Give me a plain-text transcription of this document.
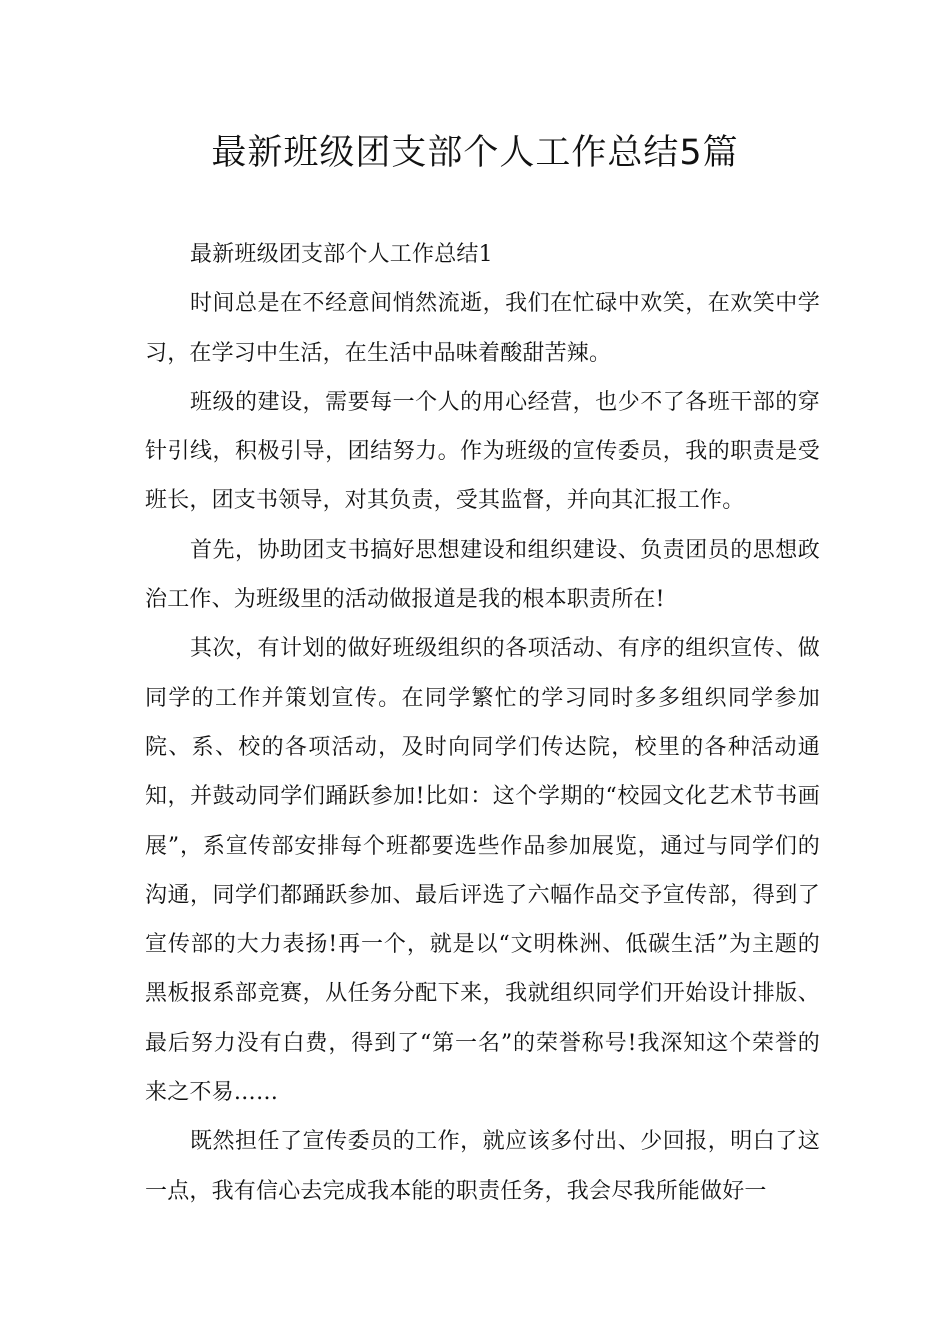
最新班级团支部个人工作总结5篇

最新班级团支部个人工作总结1

时间总是在不经意间悄然流逝，我们在忙碌中欢笑，在欢笑中学习，在学习中生活，在生活中品味着酸甜苦辣。

班级的建设，需要每一个人的用心经营，也少不了各班干部的穿针引线，积极引导，团结努力。作为班级的宣传委员，我的职责是受班长，团支书领导，对其负责，受其监督，并向其汇报工作。

首先，协助团支书搞好思想建设和组织建设、负责团员的思想政治工作、为班级里的活动做报道是我的根本职责所在!

其次，有计划的做好班级组织的各项活动、有序的组织宣传、做同学的工作并策划宣传。在同学繁忙的学习同时多多组织同学参加院、系、校的各项活动，及时向同学们传达院，校里的各种活动通知，并鼓动同学们踊跃参加!比如：这个学期的“校园文化艺术节书画展”，系宣传部安排每个班都要选些作品参加展览，通过与同学们的沟通，同学们都踊跃参加、最后评选了六幅作品交予宣传部，得到了宣传部的大力表扬!再一个，就是以“文明株洲、低碳生活”为主题的黑板报系部竞赛，从任务分配下来，我就组织同学们开始设计排版、最后努力没有白费，得到了“第一名”的荣誉称号!我深知这个荣誉的来之不易……

既然担任了宣传委员的工作，就应该多付出、少回报，明白了这一点，我有信心去完成我本能的职责任务，我会尽我所能做好一
